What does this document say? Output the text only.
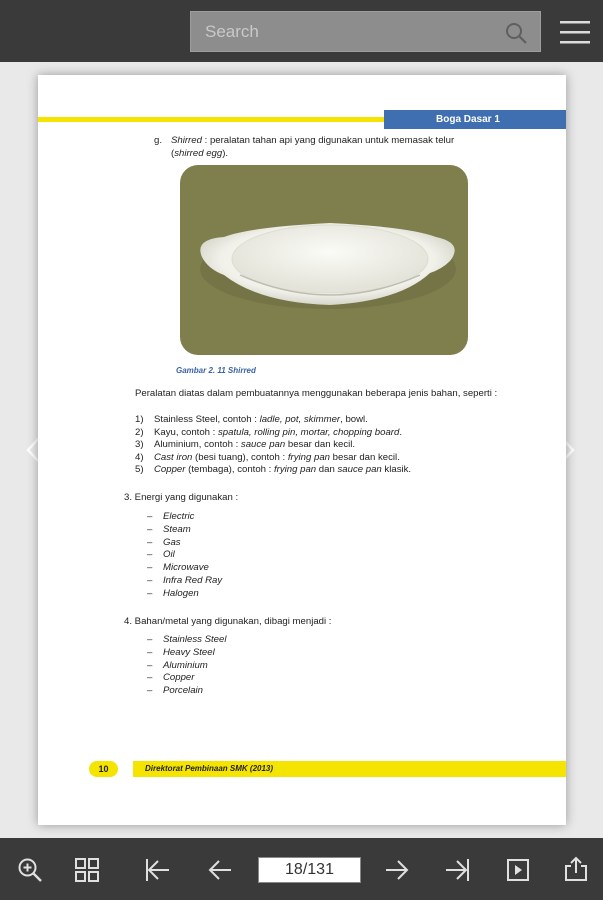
Search
Boga Dasar 1
g. Shirred : peralatan tahan api yang digunakan untuk memasak telur
(shirred egg).
Gambar 2. 11 Shirred
Peralatan diatas dalam pembuatannya menggunakan beberapa jenis bahan, seperti :
1) Stainless Steel, contoh : ladle, pot, skimmer, bowl.
2) Kayu, contoh : spatula, rolling pin, mortar, chopping board.
3) Aluminium, contoh : sauce pan besar dan kecil.
4) Cast iron (besi tuang), contoh : frying pan besar dan kecil.
5) Copper (tembaga), contoh : frying pan dan sauce pan klasik.
3. Energi yang digunakan :
– Electric
– Steam
– Gas
– Oil
– Microwave
– Infra Red Ray
– Halogen
4. Bahan/metal yang digunakan, dibagi menjadi :
– Stainless Steel
– Heavy Steel
– Aluminium
– Copper
– Porcelain
10	Direktorat Pembinaan SMK (2013)
18/131
